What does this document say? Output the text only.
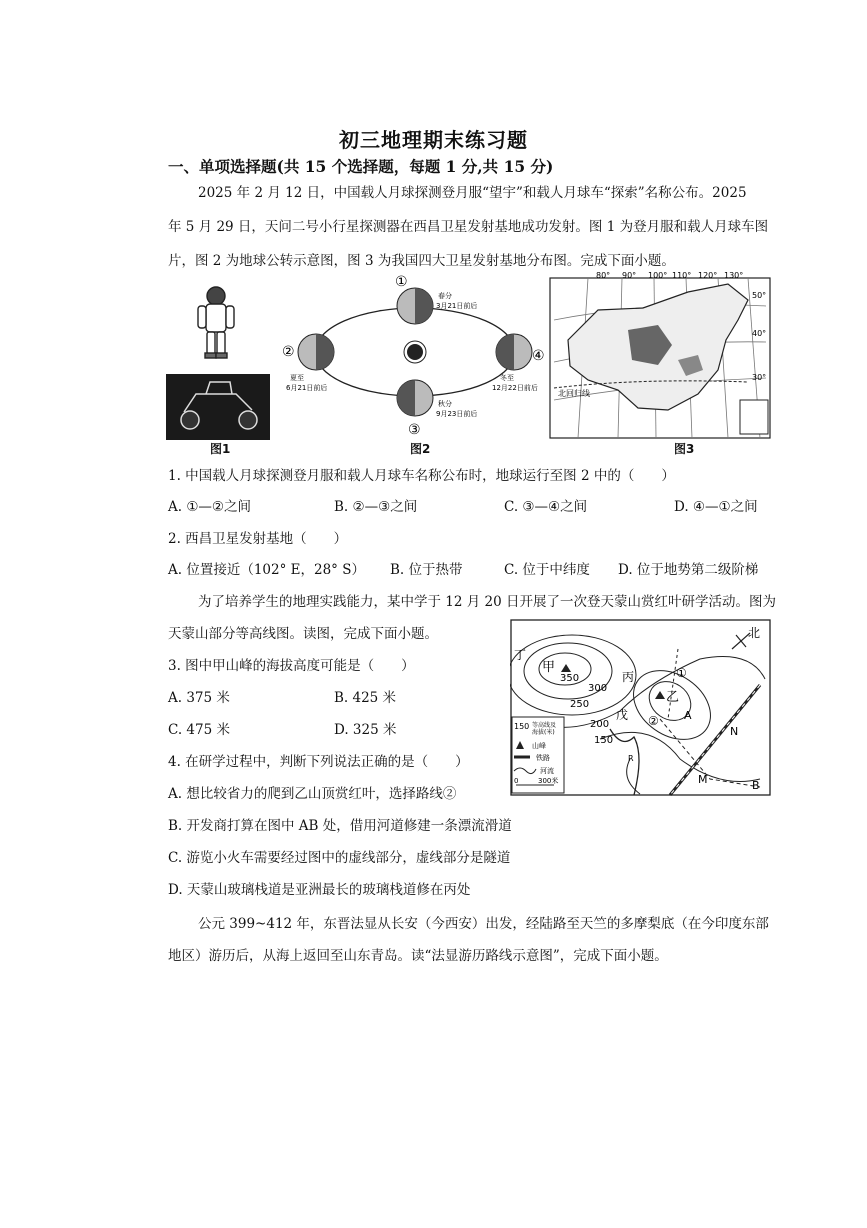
初三地理期末练习题
一、单项选择题(共 15 个选择题，每题 1 分,共 15 分)
2025 年 2 月 12 日，中国载人月球探测登月服“望宇”和载人月球车“探索”名称公布。2025
年 5 月 29 日，天问二号小行星探测器在西昌卫星发射基地成功发射。图 1 为登月服和载人月球车图
片，图 2 为地球公转示意图，图 3 为我国四大卫星发射基地分布图。完成下面小题。
图1
①
②
③
④
春分
3月21日前后
夏至
6月21日前后
秋分
9月23日前后
冬至
12月22日前后
图2
北回归线
80° 90° 100° 110° 120° 130°
50°
40°
30°
图3
1. 中国载人月球探测登月服和载人月球车名称公布时，地球运行至图 2 中的（　　）
A. ①—②之间	B. ②—③之间	C. ③—④之间	D. ④—①之间
2. 西昌卫星发射基地（　　）
A. 位置接近（102° E，28° S） B. 位于热带	C. 位于中纬度 D. 位于地势第二级阶梯
为了培养学生的地理实践能力，某中学于 12 月 20 日开展了一次登天蒙山赏红叶研学活动。图为
天蒙山部分等高线图。读图，完成下面小题。
3. 图中甲山峰的海拔高度可能是（　　）
A. 375 米	B. 425 米
C. 475 米	D. 325 米
4. 在研学过程中，判断下列说法正确的是（　　）
A. 想比较省力的爬到乙山顶赏红叶，选择路线②
B. 开发商打算在图中 AB 处，借用河道修建一条漂流滑道
C. 游览小火车需要经过图中的虚线部分，虚线部分是隧道
D. 天蒙山玻璃栈道是亚洲最长的玻璃栈道修在丙处
北
甲
乙
丁
丙
戊
350
300
250
200
150
①
② A
B
M
N
R
150 等高线及
海拔(米)
山峰
铁路
河流
0	300米
公元 399~412 年，东晋法显从长安（今西安）出发，经陆路至天竺的多摩梨底（在今印度东部
地区）游历后，从海上返回至山东青岛。读“法显游历路线示意图”，完成下面小题。
